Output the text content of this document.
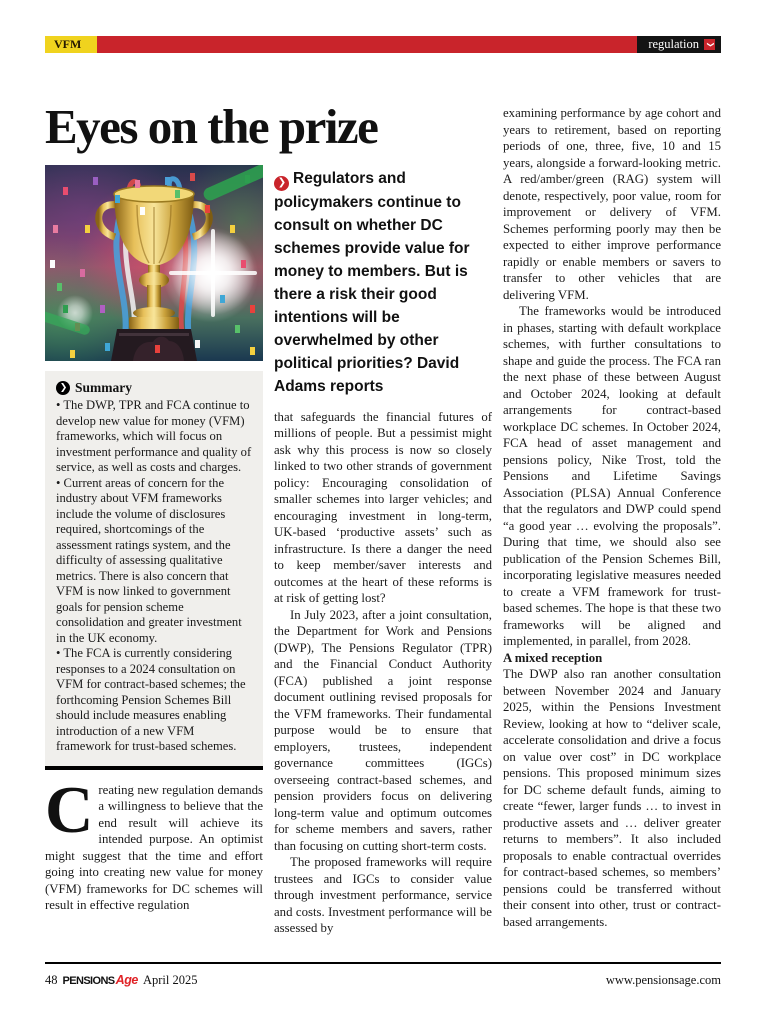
VFM	regulation ❯
Eyes on the prize

❯ Summary

• The DWP, TPR and FCA continue to develop new value for money (VFM) frameworks, which will focus on investment performance and quality of service, as well as costs and charges.

• Current areas of concern for the industry about VFM frameworks include the volume of disclosures required, shortcomings of the assessment ratings system, and the difficulty of assessing qualitative metrics. There is also concern that VFM is now linked to government goals for pension scheme consolidation and greater investment in the UK economy.

• The FCA is currently considering responses to a 2024 consultation on VFM for contract-based schemes; the forthcoming Pension Schemes Bill should include measures enabling introduction of a new VFM framework for trust-based schemes.

Creating new regulation demands a willingness to believe that the end result will achieve its intended purpose. An optimist might suggest that the time and effort going into creating new value for money (VFM) frameworks for DC schemes will result in effective regulation

❯ Regulators and policymakers continue to consult on whether DC schemes provide value for money to members. But is there a risk their good intentions will be overwhelmed by other political priorities? David Adams reports

that safeguards the financial futures of millions of people. But a pessimist might ask why this process is now so closely linked to two other strands of government policy: Encouraging consolidation of smaller schemes into larger vehicles; and encouraging investment in long-term, UK-based ‘productive assets’ such as infrastructure. Is there a danger the need to keep member/saver interests and outcomes at the heart of these reforms is at risk of getting lost?

In July 2023, after a joint consultation, the Department for Work and Pensions (DWP), The Pensions Regulator (TPR) and the Financial Conduct Authority (FCA) published a joint response document outlining revised proposals for the VFM frameworks. Their fundamental purpose would be to ensure that employers, trustees, independent governance committees (IGCs) overseeing contract-based schemes, and pension providers focus on delivering long-term value and optimum outcomes for scheme members and savers, rather than focusing on cutting short-term costs.

The proposed frameworks will require trustees and IGCs to consider value through investment performance, service and costs. Investment performance will be assessed by

examining performance by age cohort and years to retirement, based on reporting periods of one, three, five, 10 and 15 years, alongside a forward-looking metric. A red/amber/green (RAG) system will denote, respectively, poor value, room for improvement or delivery of VFM. Schemes performing poorly may then be expected to either improve performance rapidly or enable members or savers to transfer to other vehicles that are delivering VFM.

The frameworks would be introduced in phases, starting with default workplace schemes, with further consultations to shape and guide the process. The FCA ran the next phase of these between August and October 2024, looking at default arrangements for contract-based workplace DC schemes. In October 2024, FCA head of asset management and pensions policy, Nike Trost, told the Pensions and Lifetime Savings Association (PLSA) Annual Conference that the regulators and DWP could spend “a good year … evolving the proposals”. During that time, we should also see publication of the Pension Schemes Bill, incorporating legislative measures needed to create a VFM framework for trust-based schemes. The hope is that these two frameworks will be aligned and implemented, in parallel, from 2028.

A mixed reception

The DWP also ran another consultation between November 2024 and January 2025, within the Pensions Investment Review, looking at how to “deliver scale, accelerate consolidation and drive a focus on value over cost” in DC workplace pensions. This proposed minimum sizes for DC scheme default funds, aiming to create “fewer, larger funds … to invest in productive assets and … deliver greater returns to members”. It also included proposals to enable contractual overrides for contract-based schemes, so members’ pensions could be transferred without their consent into other, trust or contract-based arrangements.

48 PENSIONS Age April 2025	www.pensionsage.com
